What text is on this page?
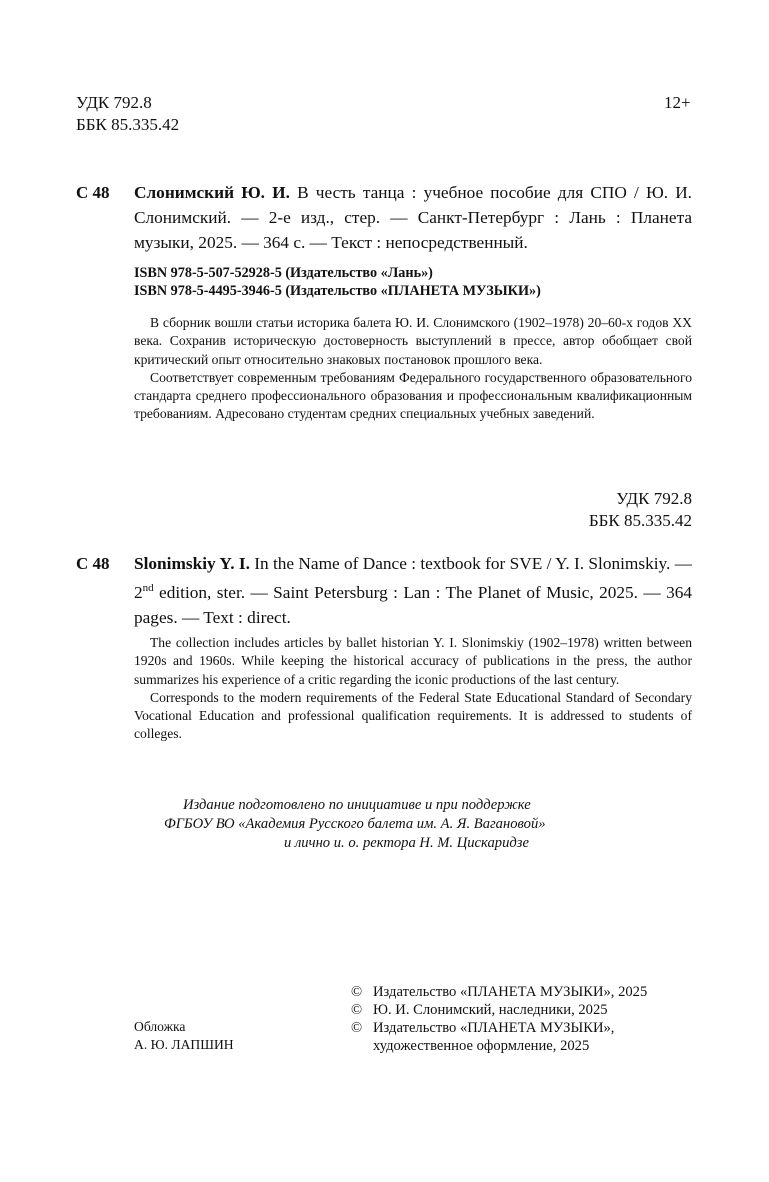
УДК 792.8
ББК 85.335.42
12+
С 48 Слонимский Ю. И. В честь танца : учебное пособие для СПО / Ю. И. Слонимский. — 2-е изд., стер. — Санкт-Петербург : Лань : Планета музыки, 2025. — 364 с. — Текст : непосредственный.
ISBN 978-5-507-52928-5 (Издательство «Лань»)
ISBN 978-5-4495-3946-5 (Издательство «ПЛАНЕТА МУЗЫКИ»)

В сборник вошли статьи историка балета Ю. И. Слонимского (1902–1978) 20–60-х годов XX века. Сохранив историческую достоверность выступлений в прессе, автор обобщает свой критический опыт относительно знаковых постановок прошлого века.

Соответствует современным требованиям Федерального государственного образовательного стандарта среднего профессионального образования и профессиональным квалификационным требованиям. Адресовано студентам средних специальных учебных заведений.

УДК 792.8
ББК 85.335.42
С 48 Slonimskiy Y. I. In the Name of Dance : textbook for SVE / Y. I. Slonimskiy. — 2nd edition, ster. — Saint Petersburg : Lan : The Planet of Music, 2025. — 364 pages. — Text : direct.

The collection includes articles by ballet historian Y. I. Slonimskiy (1902–1978) written between 1920s and 1960s. While keeping the historical accuracy of publications in the press, the author summarizes his experience of a critic regarding the iconic productions of the last century.

Corresponds to the modern requirements of the Federal State Educational Standard of Secondary Vocational Education and professional qualification requirements. It is addressed to students of colleges.

Издание подготовлено по инициативе и при поддержке
ФГБОУ ВО «Академия Русского балета им. А. Я. Вагановой»
и лично и. о. ректора Н. М. Цискаридзе
© Издательство «ПЛАНЕТА МУЗЫКИ», 2025
© Ю. И. Слонимский, наследники, 2025
© Издательство «ПЛАНЕТА МУЗЫКИ»,
художественное оформление, 2025
Обложка
А. Ю. ЛАПШИН
